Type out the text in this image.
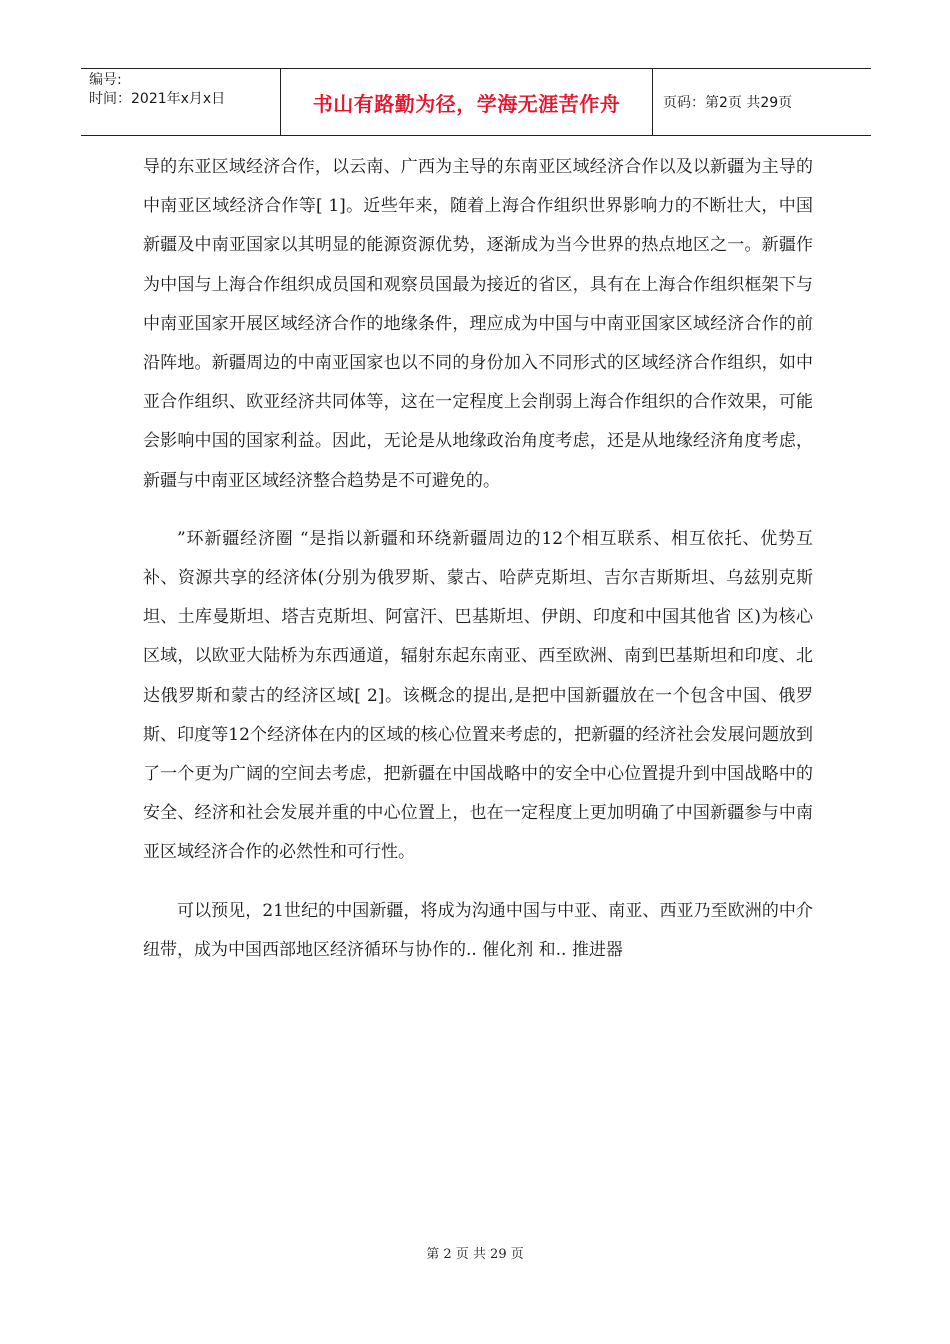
编号:
时间：2021年x月x日	书山有路勤为径，学海无涯苦作舟	页码：第2页 共29页

导的东亚区域经济合作，以云南、广西为主导的东南亚区域经济合作以及以新疆为主导的中南亚区域经济合作等[ 1]。近些年来，随着上海合作组织世界影响力的不断壮大，中国新疆及中南亚国家以其明显的能源资源优势，逐渐成为当今世界的热点地区之一。新疆作为中国与上海合作组织成员国和观察员国最为接近的省区，具有在上海合作组织框架下与中南亚国家开展区域经济合作的地缘条件，理应成为中国与中南亚国家区域经济合作的前沿阵地。新疆周边的中南亚国家也以不同的身份加入不同形式的区域经济合作组织，如中亚合作组织、欧亚经济共同体等，这在一定程度上会削弱上海合作组织的合作效果，可能会影响中国的国家利益。因此，无论是从地缘政治角度考虑，还是从地缘经济角度考虑，新疆与中南亚区域经济整合趋势是不可避免的。

”环新疆经济圈 “是指以新疆和环绕新疆周边的12个相互联系、相互依托、优势互补、资源共享的经济体(分别为俄罗斯、蒙古、哈萨克斯坦、吉尔吉斯斯坦、乌兹别克斯坦、土库曼斯坦、塔吉克斯坦、阿富汗、巴基斯坦、伊朗、印度和中国其他省 区)为核心区域，以欧亚大陆桥为东西通道，辐射东起东南亚、西至欧洲、南到巴基斯坦和印度、北达俄罗斯和蒙古的经济区域[ 2]。该概念的提出,是把中国新疆放在一个包含中国、俄罗斯、印度等12个经济体在内的区域的核心位置来考虑的，把新疆的经济社会发展问题放到了一个更为广阔的空间去考虑，把新疆在中国战略中的安全中心位置提升到中国战略中的安全、经济和社会发展并重的中心位置上，也在一定程度上更加明确了中国新疆参与中南亚区域经济合作的必然性和可行性。

可以预见，21世纪的中国新疆，将成为沟通中国与中亚、南亚、西亚乃至欧洲的中介纽带，成为中国西部地区经济循环与协作的.. 催化剂 和.. 推进器

第 2 页 共 29 页
